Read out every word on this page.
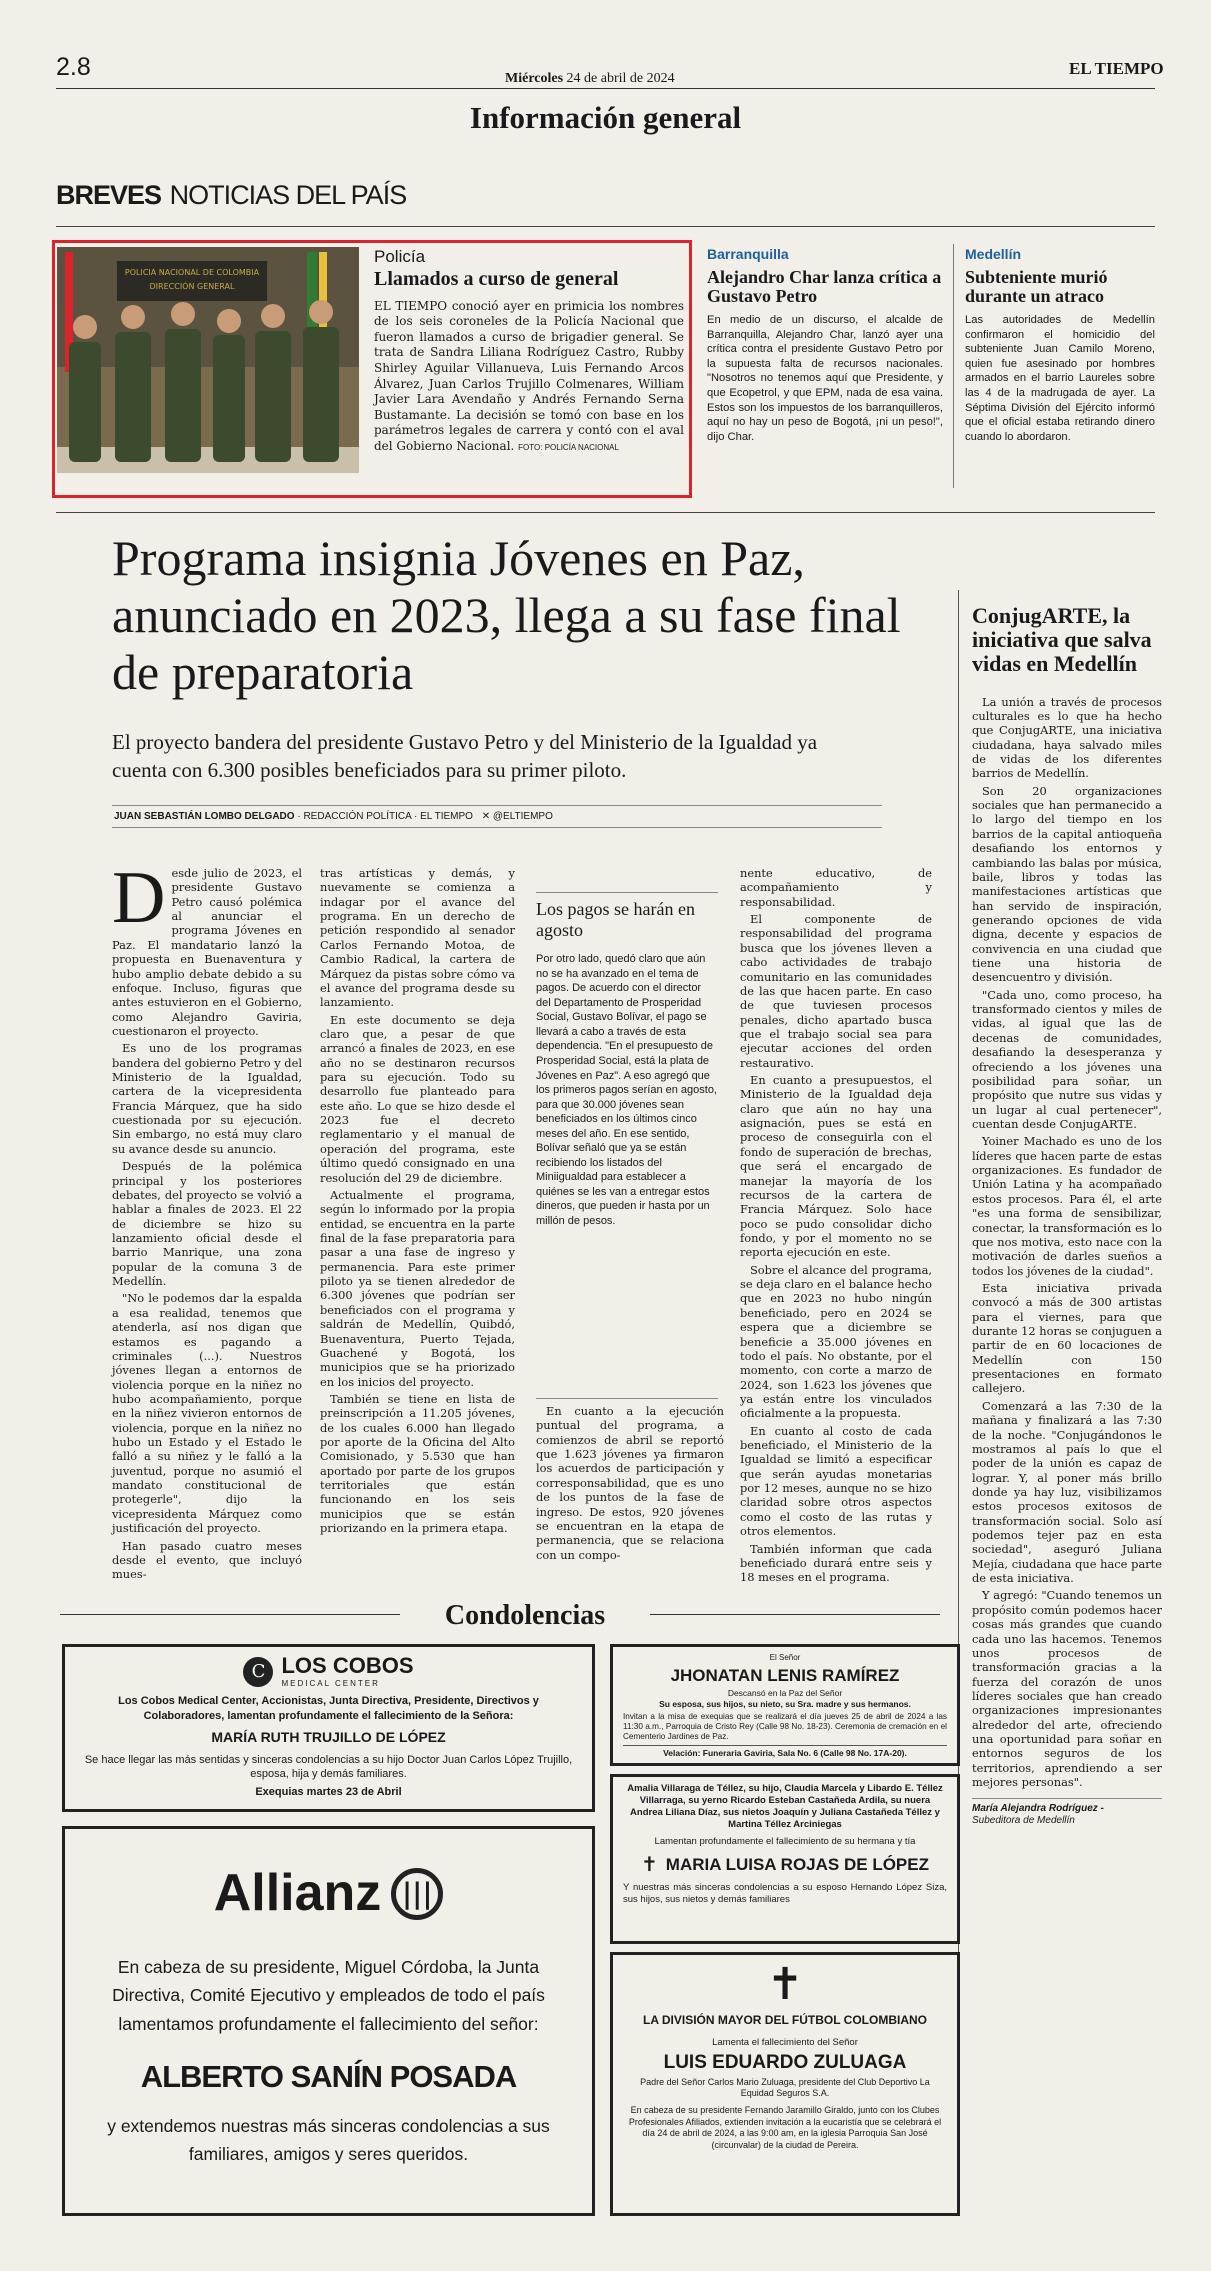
2.8	Miércoles 24 de abril de 2024
EL TIEMPO
Información general
BREVES NOTICIAS DEL PAÍS
POLICIA NACIONAL DE COLOMBIA
DIRECCIÓN GENERAL
Policía
Llamados a curso de general

EL TIEMPO conoció ayer en primicia los nombres de los seis coroneles de la Policía Nacional que fueron llamados a curso de brigadier general. Se trata de Sandra Liliana Rodríguez Castro, Rubby Shirley Aguilar Villanueva, Luis Fernando Arcos Álvarez, Juan Carlos Trujillo Colmenares, William Javier Lara Avendaño y Andrés Fernando Serna Bustamante. La decisión se tomó con base en los parámetros legales de carrera y contó con el aval del Gobierno Nacional. FOTO: POLICÍA NACIONAL

Barranquilla
Alejandro Char lanza crítica a Gustavo Petro

En medio de un discurso, el alcalde de Barranquilla, Alejandro Char, lanzó ayer una crítica contra el presidente Gustavo Petro por la supuesta falta de recursos nacionales. "Nosotros no tenemos aquí que Presidente, y que Ecopetrol, y que EPM, nada de esa vaina. Estos son los impuestos de los barranquilleros, aquí no hay un peso de Bogotá, ¡ni un peso!", dijo Char.

Medellín
Subteniente murió durante un atraco

Las autoridades de Medellín confirmaron el homicidio del subteniente Juan Camilo Moreno, quien fue asesinado por hombres armados en el barrio Laureles sobre las 4 de la madrugada de ayer. La Séptima División del Ejército informó que el oficial estaba retirando dinero cuando lo abordaron.

Programa insignia Jóvenes en Paz, anunciado en 2023, llega a su fase final de preparatoria
El proyecto bandera del presidente Gustavo Petro y del Ministerio de la Igualdad ya cuenta con 6.300 posibles beneficiados para su primer piloto.
JUAN SEBASTIÁN LOMBO DELGADO · REDACCIÓN POLÍTICA · EL TIEMPO ✕ @ELTIEMPO
D esde julio de 2023, el presidente Gustavo Petro causó polémica al anunciar el programa Jóvenes en Paz. El mandatario lanzó la propuesta en Buenaventura y hubo amplio debate debido a su enfoque. Incluso, figuras que antes estuvieron en el Gobierno, como Alejandro Gaviria, cuestionaron el proyecto.

Es uno de los programas bandera del gobierno Petro y del Ministerio de la Igualdad, cartera de la vicepresidenta Francia Márquez, que ha sido cuestionada por su ejecución. Sin embargo, no está muy claro su avance desde su anuncio.

Después de la polémica principal y los posteriores debates, del proyecto se volvió a hablar a finales de 2023. El 22 de diciembre se hizo su lanzamiento oficial desde el barrio Manrique, una zona popular de la comuna 3 de Medellín.

"No le podemos dar la espalda a esa realidad, tenemos que atenderla, así nos digan que estamos es pagando a criminales (...). Nuestros jóvenes llegan a entornos de violencia porque en la niñez no hubo acompañamiento, porque en la niñez vivieron entornos de violencia, porque en la niñez no hubo un Estado y el Estado le falló a su niñez y le falló a la juventud, porque no asumió el mandato constitucional de protegerle", dijo la vicepresidenta Márquez como justificación del proyecto.

Han pasado cuatro meses desde el evento, que incluyó mues-

tras artísticas y demás, y nuevamente se comienza a indagar por el avance del programa. En un derecho de petición respondido al senador Carlos Fernando Motoa, de Cambio Radical, la cartera de Márquez da pistas sobre cómo va el avance del programa desde su lanzamiento.

En este documento se deja claro que, a pesar de que arrancó a finales de 2023, en ese año no se destinaron recursos para su ejecución. Todo su desarrollo fue planteado para este año. Lo que se hizo desde el 2023 fue el decreto reglamentario y el manual de operación del programa, este último quedó consignado en una resolución del 29 de diciembre.

Actualmente el programa, según lo informado por la propia entidad, se encuentra en la parte final de la fase preparatoria para pasar a una fase de ingreso y permanencia. Para este primer piloto ya se tienen alrededor de 6.300 jóvenes que podrían ser beneficiados con el programa y saldrán de Medellín, Quibdó, Buenaventura, Puerto Tejada, Guachené y Bogotá, los municipios que se ha priorizado en los inicios del proyecto.

También se tiene en lista de preinscripción a 11.205 jóvenes, de los cuales 6.000 han llegado por aporte de la Oficina del Alto Comisionado, y 5.530 que han aportado por parte de los grupos territoriales que están funcionando en los seis municipios que se están priorizando en la primera etapa.

Los pagos se harán en agosto

Por otro lado, quedó claro que aún no se ha avanzado en el tema de pagos. De acuerdo con el director del Departamento de Prosperidad Social, Gustavo Bolívar, el pago se llevará a cabo a través de esta dependencia. "En el presupuesto de Prosperidad Social, está la plata de Jóvenes en Paz". A eso agregó que los primeros pagos serían en agosto, para que 30.000 jóvenes sean beneficiados en los últimos cinco meses del año. En ese sentido, Bolívar señaló que ya se están recibiendo los listados del Miniigualdad para establecer a quiénes se les van a entregar estos dineros, que pueden ir hasta por un millón de pesos.

En cuanto a la ejecución puntual del programa, a comienzos de abril se reportó que 1.623 jóvenes ya firmaron los acuerdos de participación y corresponsabilidad, que es uno de los puntos de la fase de ingreso. De estos, 920 jóvenes se encuentran en la etapa de permanencia, que se relaciona con un compo-

nente educativo, de acompañamiento y responsabilidad.

El componente de responsabilidad del programa busca que los jóvenes lleven a cabo actividades de trabajo comunitario en las comunidades de las que hacen parte. En caso de que tuviesen procesos penales, dicho apartado busca que el trabajo social sea para ejecutar acciones del orden restaurativo.

En cuanto a presupuestos, el Ministerio de la Igualdad deja claro que aún no hay una asignación, pues se está en proceso de conseguirla con el fondo de superación de brechas, que será el encargado de manejar la mayoría de los recursos de la cartera de Francia Márquez. Solo hace poco se pudo consolidar dicho fondo, y por el momento no se reporta ejecución en este.

Sobre el alcance del programa, se deja claro en el balance hecho que en 2023 no hubo ningún beneficiado, pero en 2024 se espera que a diciembre se beneficie a 35.000 jóvenes en todo el país. No obstante, por el momento, con corte a marzo de 2024, son 1.623 los jóvenes que ya están entre los vinculados oficialmente a la propuesta.

En cuanto al costo de cada beneficiado, el Ministerio de la Igualdad se limitó a especificar que serán ayudas monetarias por 12 meses, aunque no se hizo claridad sobre otros aspectos como el costo de las rutas y otros elementos.

También informan que cada beneficiado durará entre seis y 18 meses en el programa.

ConjugARTE, la iniciativa que salva vidas en Medellín

La unión a través de procesos culturales es lo que ha hecho que ConjugARTE, una iniciativa ciudadana, haya salvado miles de vidas de los diferentes barrios de Medellín.

Son 20 organizaciones sociales que han permanecido a lo largo del tiempo en los barrios de la capital antioqueña desafiando los entornos y cambiando las balas por música, baile, libros y todas las manifestaciones artísticas que han servido de inspiración, generando opciones de vida digna, decente y espacios de convivencia en una ciudad que tiene una historia de desencuentro y división.

"Cada uno, como proceso, ha transformado cientos y miles de vidas, al igual que las de decenas de comunidades, desafiando la desesperanza y ofreciendo a los jóvenes una posibilidad para soñar, un propósito que nutre sus vidas y un lugar al cual pertenecer", cuentan desde ConjugARTE.

Yoiner Machado es uno de los líderes que hacen parte de estas organizaciones. Es fundador de Unión Latina y ha acompañado estos procesos. Para él, el arte "es una forma de sensibilizar, conectar, la transformación es lo que nos motiva, esto nace con la motivación de darles sueños a todos los jóvenes de la ciudad".

Esta iniciativa privada convocó a más de 300 artistas para el viernes, para que durante 12 horas se conjuguen a partir de en 60 locaciones de Medellín con 150 presentaciones en formato callejero.

Comenzará a las 7:30 de la mañana y finalizará a las 7:30 de la noche. "Conjugándonos le mostramos al país lo que el poder de la unión es capaz de lograr. Y, al poner más brillo donde ya hay luz, visibilizamos estos procesos exitosos de transformación social. Solo así podemos tejer paz en esta sociedad", aseguró Juliana Mejía, ciudadana que hace parte de esta iniciativa.

Y agregó: "Cuando tenemos un propósito común podemos hacer cosas más grandes que cuando cada uno las hacemos. Tenemos unos procesos de transformación gracias a la fuerza del corazón de unos líderes sociales que han creado organizaciones impresionantes alrededor del arte, ofreciendo una oportunidad para soñar en entornos seguros de los territorios, aprendiendo a ser mejores personas".

María Alejandra Rodríguez -
Subeditora de Medellín
Condolencias
C LOS COBOS
MEDICAL CENTER
Los Cobos Medical Center, Accionistas, Junta Directiva, Presidente, Directivos y Colaboradores, lamentan profundamente el fallecimiento de la Señora:
MARÍA RUTH TRUJILLO DE LÓPEZ
Se hace llegar las más sentidas y sinceras condolencias a su hijo Doctor Juan Carlos López Trujillo, esposa, hija y demás familiares.
Exequias martes 23 de Abril
Allianz |||
En cabeza de su presidente, Miguel Córdoba, la Junta Directiva, Comité Ejecutivo y empleados de todo el país lamentamos profundamente el fallecimiento del señor:
ALBERTO SANÍN POSADA
y extendemos nuestras más sinceras condolencias a sus familiares, amigos y seres queridos.
El Señor
JHONATAN LENIS RAMÍREZ
Descansó en la Paz del Señor
Su esposa, sus hijos, su nieto, su Sra. madre y sus hermanos.
Invitan a la misa de exequias que se realizará el día jueves 25 de abril de 2024 a las 11:30 a.m., Parroquia de Cristo Rey (Calle 98 No. 18-23). Ceremonia de cremación en el Cementerio Jardines de Paz.
Velación: Funeraria Gaviria, Sala No. 6 (Calle 98 No. 17A-20).
Amalia Villaraga de Téllez, su hijo, Claudia Marcela y Libardo E. Téllez Villarraga, su yerno Ricardo Esteban Castañeda Ardila, su nuera Andrea Liliana Díaz, sus nietos Joaquín y Juliana Castañeda Téllez y Martina Téllez Arciniegas
Lamentan profundamente el fallecimiento de su hermana y tía
✝ MARIA LUISA ROJAS DE LÓPEZ
Y nuestras más sinceras condolencias a su esposo Hernando López Siza, sus hijos, sus nietos y demás familiares
✝
LA DIVISIÓN MAYOR DEL FÚTBOL COLOMBIANO
Lamenta el fallecimiento del Señor
LUIS EDUARDO ZULUAGA
Padre del Señor Carlos Mario Zuluaga, presidente del Club Deportivo La Equidad Seguros S.A.
En cabeza de su presidente Fernando Jaramillo Giraldo, junto con los Clubes Profesionales Afiliados, extienden invitación a la eucaristía que se celebrará el día 24 de abril de 2024, a las 9:00 am, en la iglesia Parroquia San José (circunvalar) de la ciudad de Pereira.
